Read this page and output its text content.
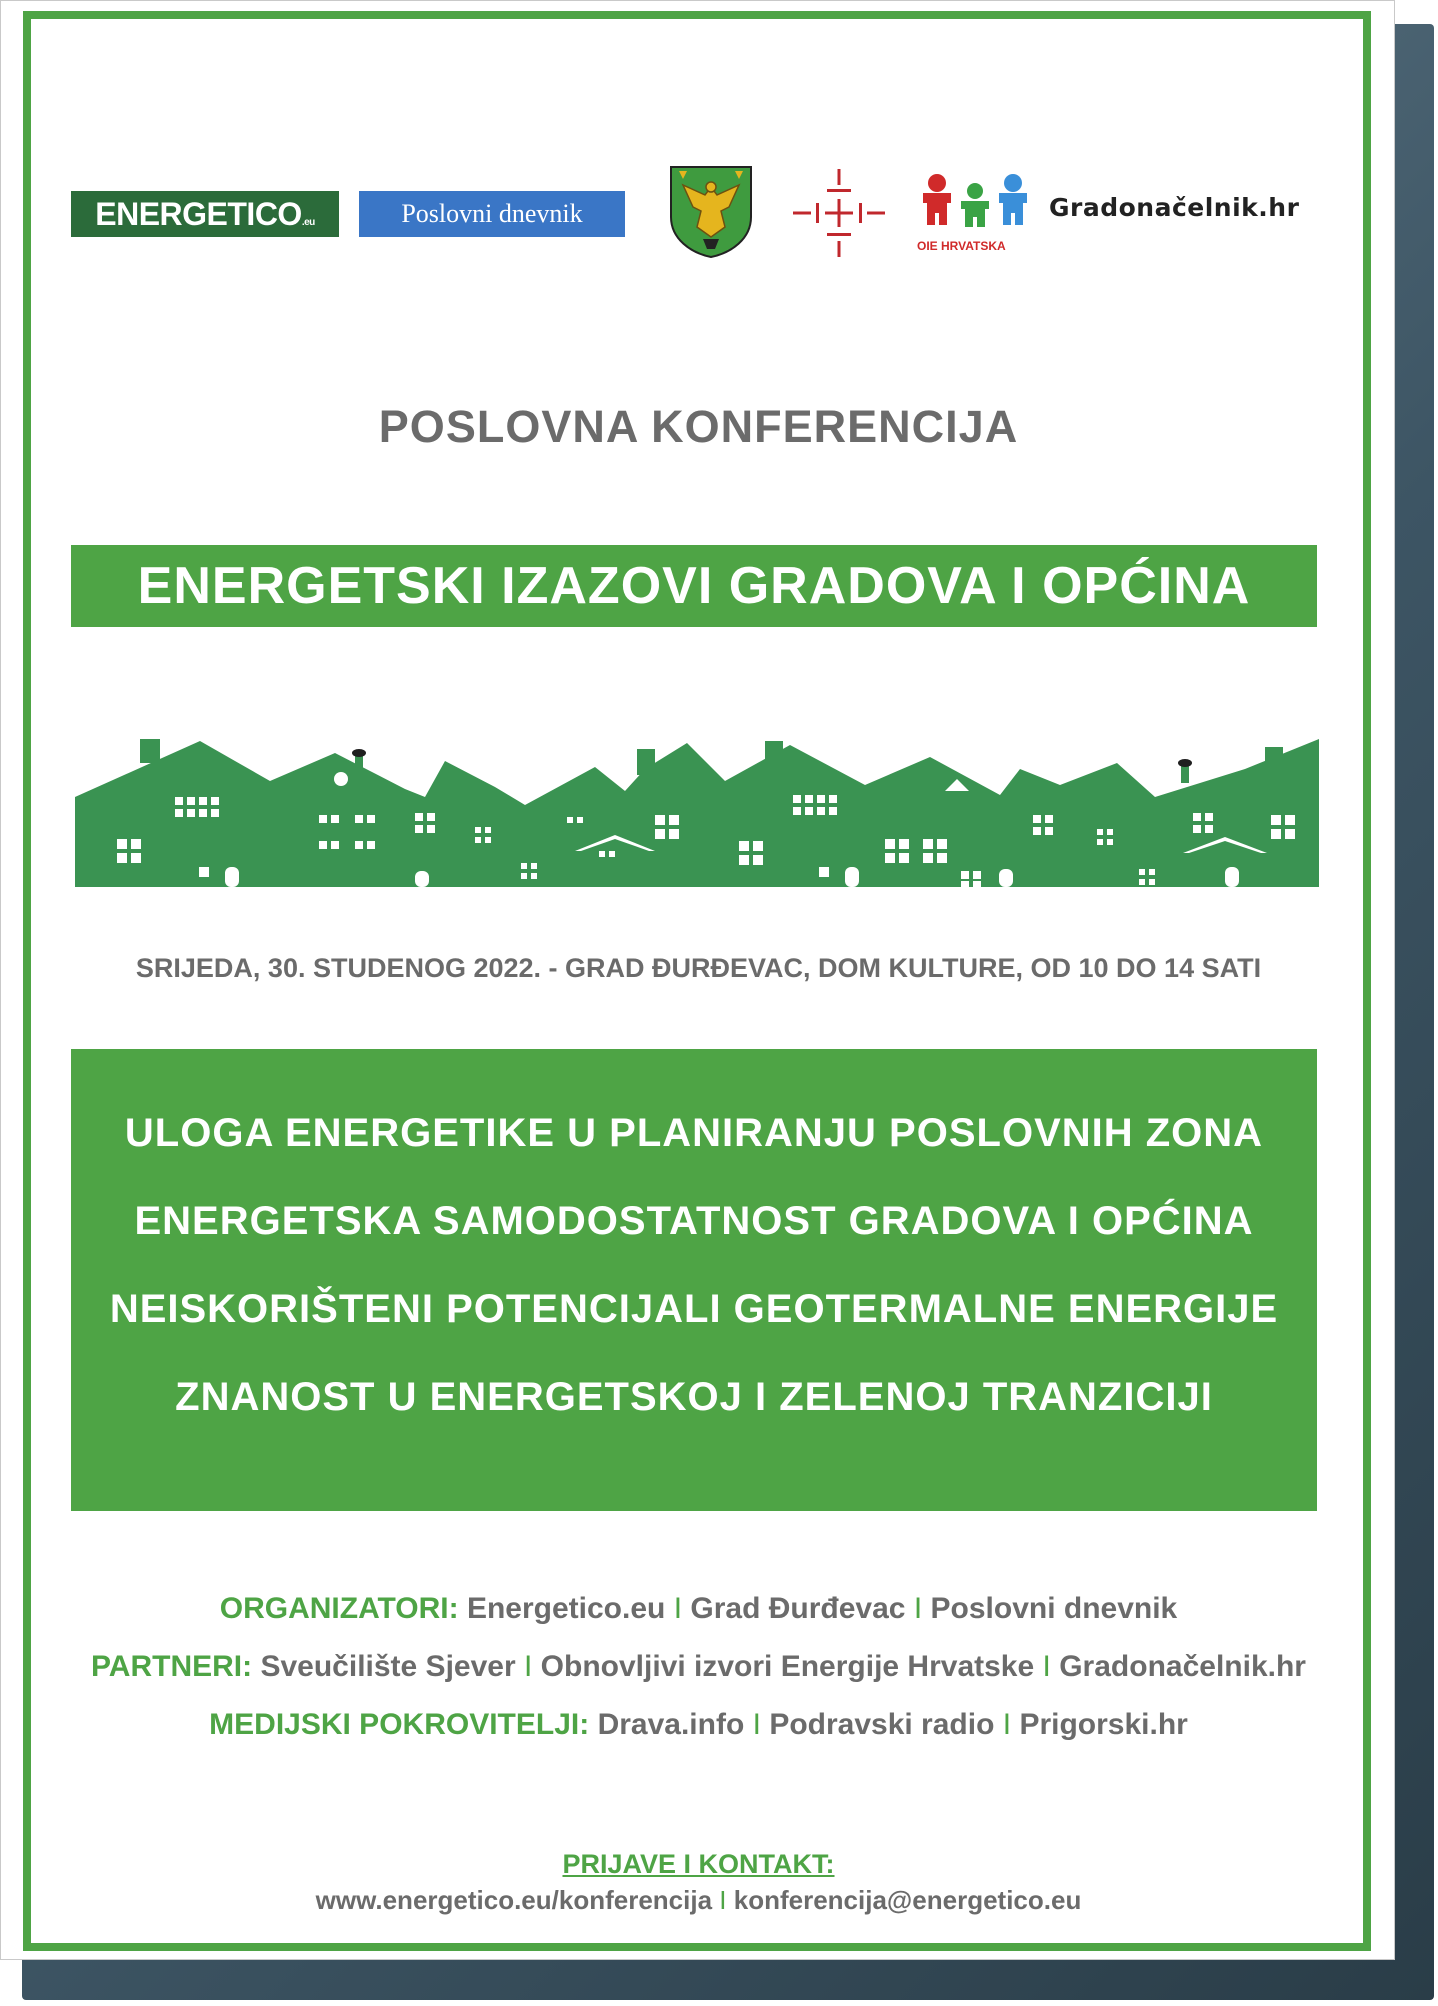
ENERGETICO.eu	Poslovni dnevnik
OIE HRVATSKA
Gradonačelnik.hr
POSLOVNA KONFERENCIJA
ENERGETSKI IZAZOVI GRADOVA I OPĆINA
SRIJEDA, 30. STUDENOG 2022. - GRAD ĐURĐEVAC, DOM KULTURE, OD 10 DO 14 SATI
ULOGA ENERGETIKE U PLANIRANJU POSLOVNIH ZONA
ENERGETSKA SAMODOSTATNOST GRADOVA I OPĆINA
NEISKORIŠTENI POTENCIJALI GEOTERMALNE ENERGIJE
ZNANOST U ENERGETSKOJ I ZELENOJ TRANZICIJI
ORGANIZATORI: Energetico.eu I Grad Đurđevac I Poslovni dnevnik
PARTNERI: Sveučilište Sjever I Obnovljivi izvori Energije Hrvatske I Gradonačelnik.hr
MEDIJSKI POKROVITELJI: Drava.info I Podravski radio I Prigorski.hr
PRIJAVE I KONTAKT:
www.energetico.eu/konferencija I konferencija@energetico.eu
